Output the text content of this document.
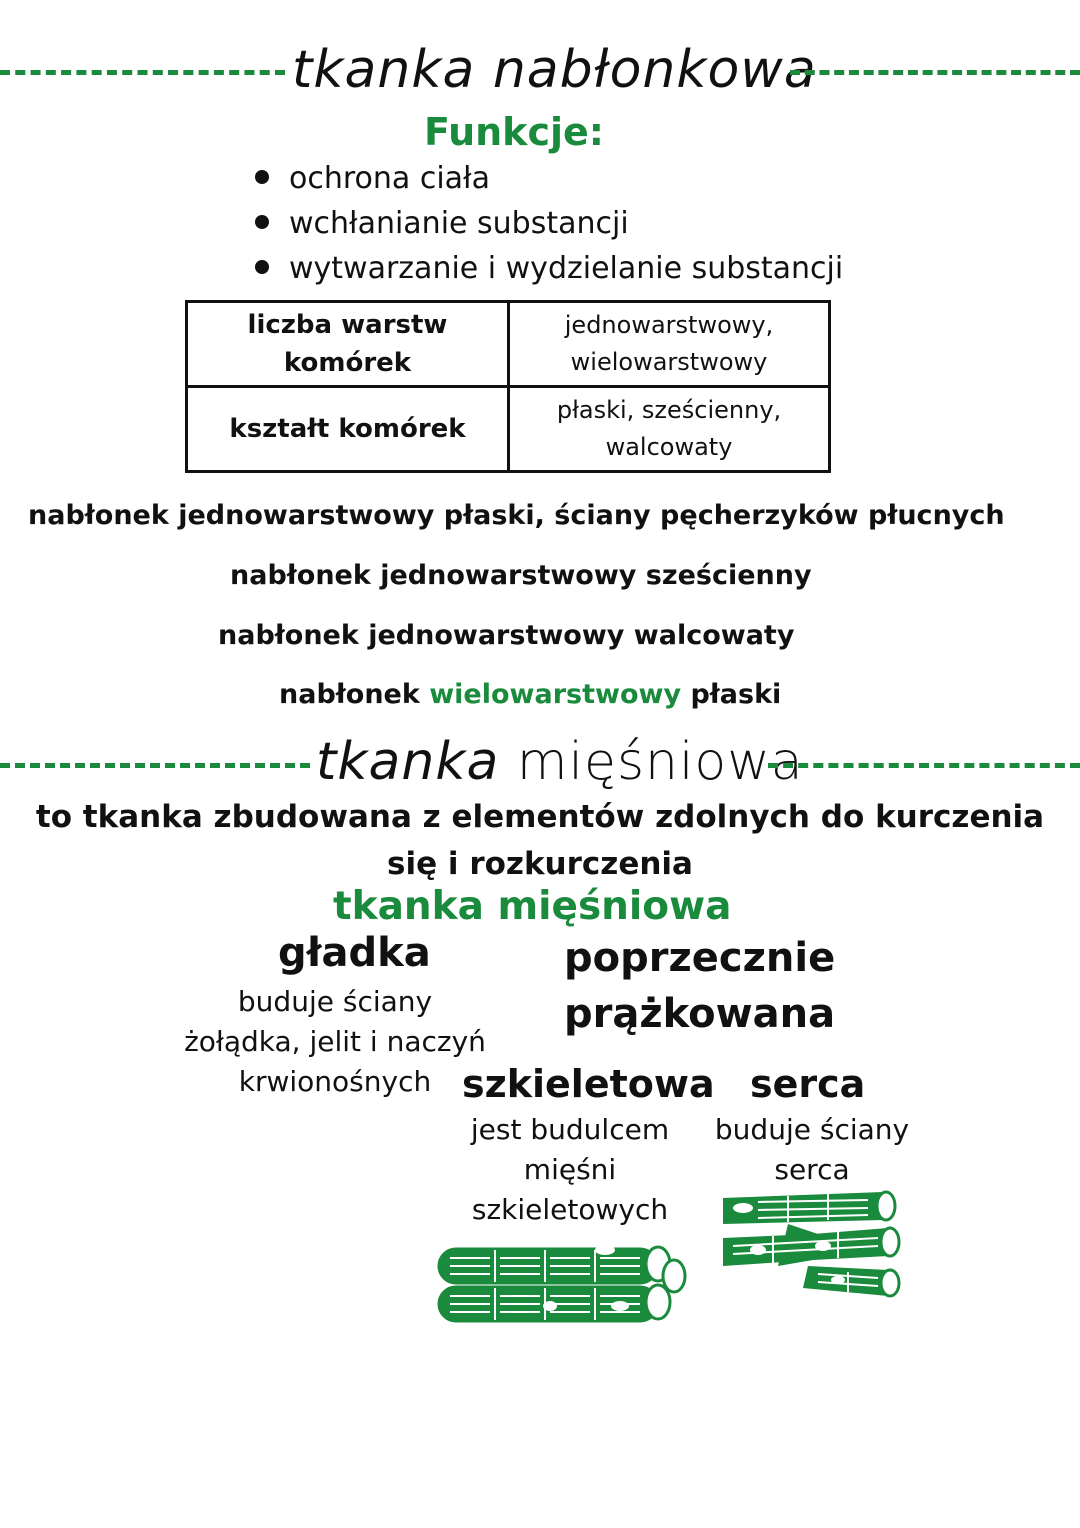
tkanka nabłonkowa
Funkcje:
ochrona ciała
wchłanianie substancji
wytwarzanie i wydzielanie substancji
liczba warstw komórek	jednowarstwowy, wielowarstwowy

kształt komórek	płaski, sześcienny, walcowaty
nabłonek jednowarstwowy płaski, ściany pęcherzyków płucnych
nabłonek jednowarstwowy sześcienny
nabłonek jednowarstwowy walcowaty
nabłonek wielowarstwowy płaski
tkanka mięśniowa
to tkanka zbudowana z elementów zdolnych do kurczenia się i rozkurczenia
tkanka mięśniowa
gładka
buduje ściany żołądka, jelit i naczyń krwionośnych
poprzecznie prążkowana
szkieletowa
jest budulcem mięśni szkieletowych
serca
buduje ściany serca
